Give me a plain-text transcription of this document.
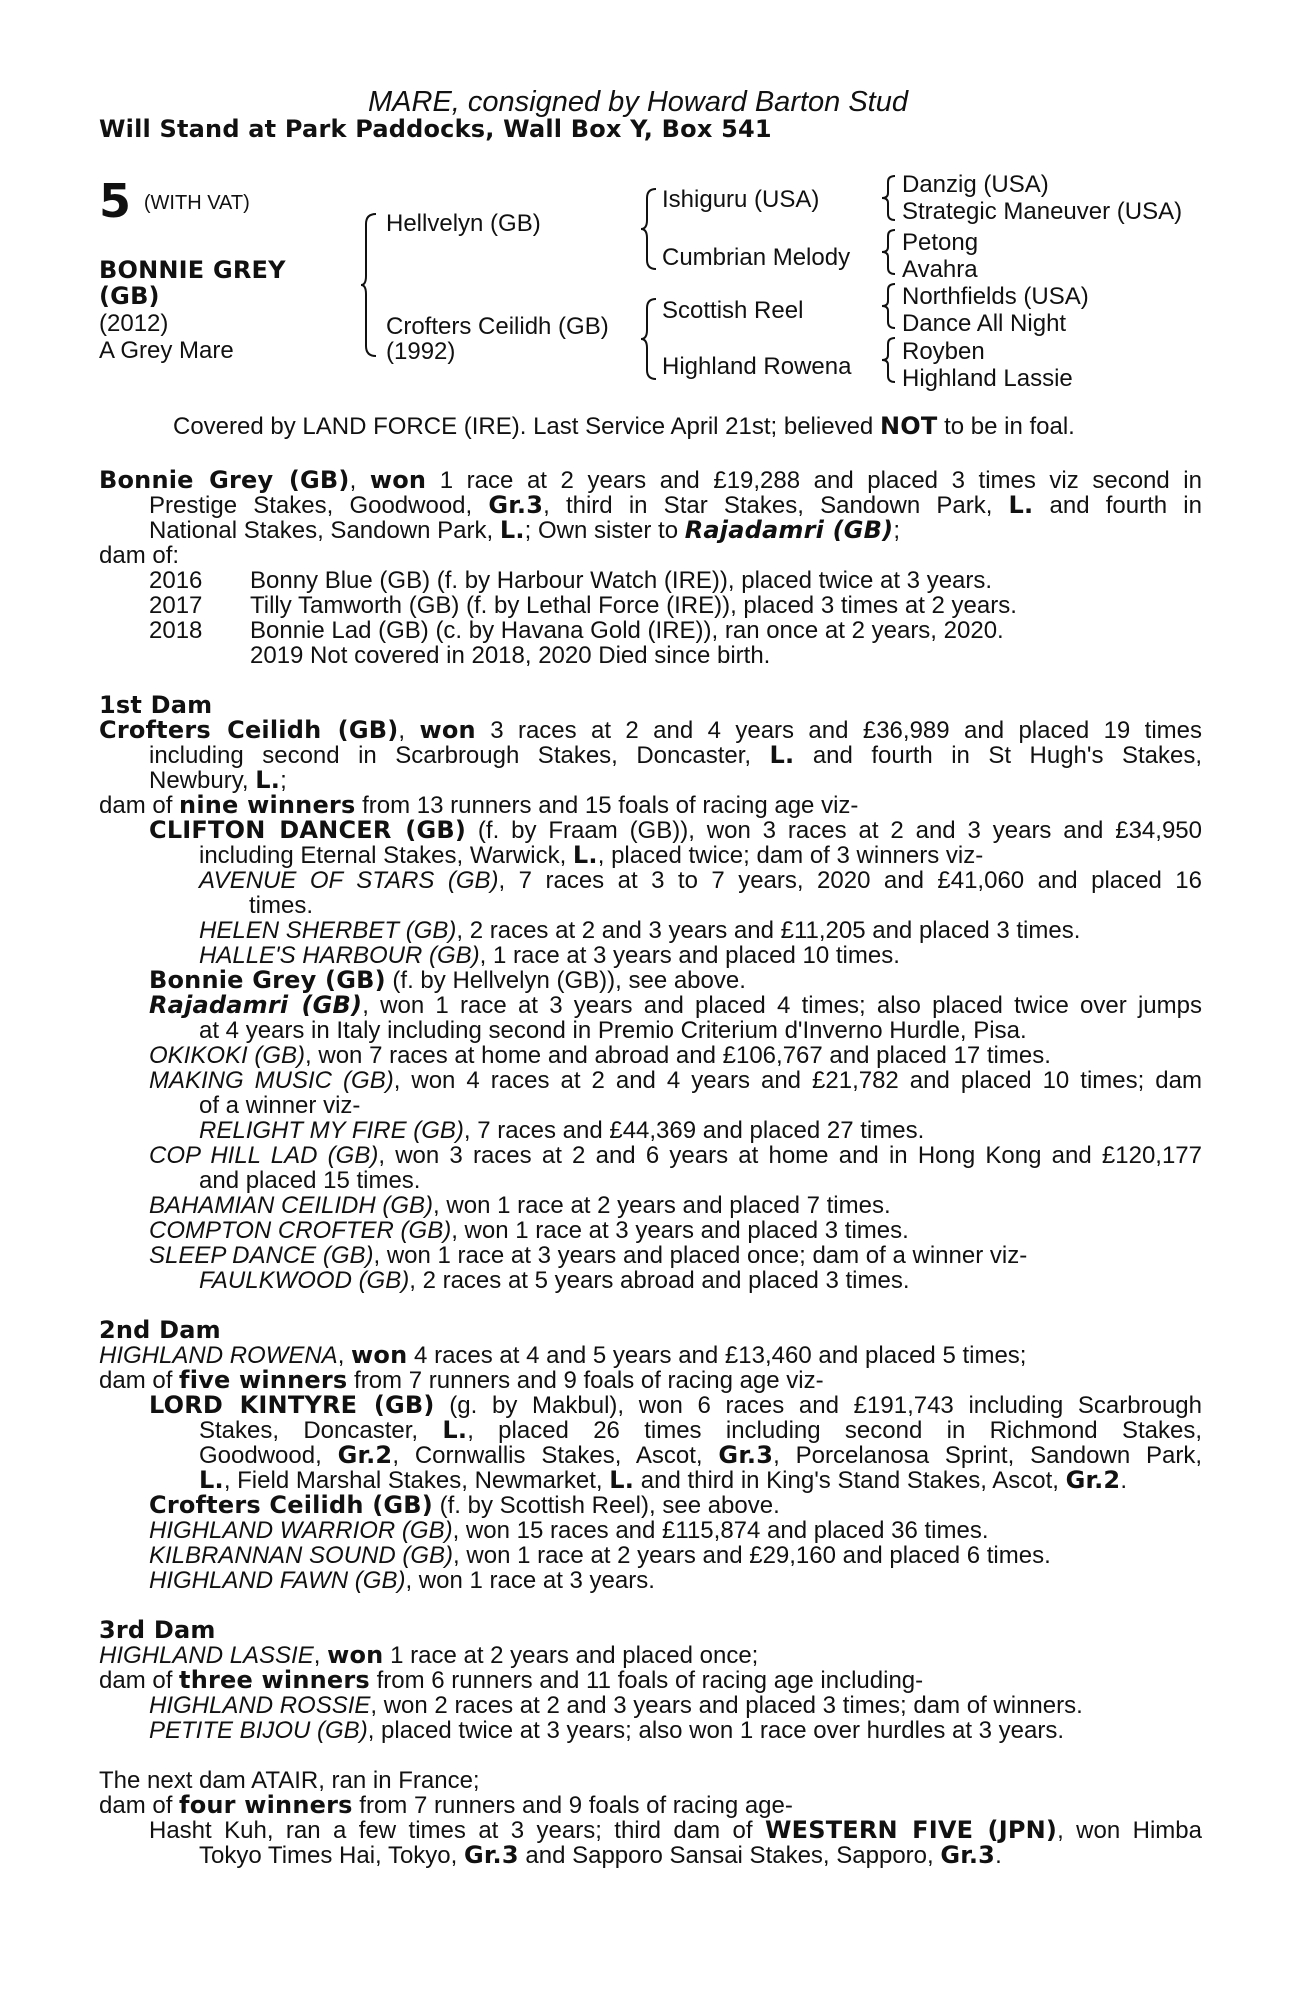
MARE, consigned by Howard Barton Stud
Will Stand at Park Paddocks, Wall Box Y, Box 541
5 $^{(WITH VAT)}$
BONNIE GREY
(GB)
(2012)
A Grey Mare
Hellvelyn (GB)
Crofters Ceilidh (GB)
(1992)
Ishiguru (USA)
Cumbrian Melody
Scottish Reel
Highland Rowena
Danzig (USA)
Strategic Maneuver (USA)
Petong
Avahra
Northfields (USA)
Dance All Night
Royben
Highland Lassie
Covered by LAND FORCE (IRE). Last Service April 21st; believed NOT to be in foal.
Bonnie Grey (GB), won 1 race at 2 years and £19,288 and placed 3 times viz second in
Prestige Stakes, Goodwood, Gr.3, third in Star Stakes, Sandown Park, L. and fourth in
National Stakes, Sandown Park, L.; Own sister to Rajadamri (GB);
dam of:
2016 Bonny Blue (GB) (f. by Harbour Watch (IRE)), placed twice at 3 years.
2017 Tilly Tamworth (GB) (f. by Lethal Force (IRE)), placed 3 times at 2 years.
2018 Bonnie Lad (GB) (c. by Havana Gold (IRE)), ran once at 2 years, 2020.
2019 Not covered in 2018, 2020 Died since birth.
1st Dam
Crofters Ceilidh (GB), won 3 races at 2 and 4 years and £36,989 and placed 19 times
including second in Scarbrough Stakes, Doncaster, L. and fourth in St Hugh's Stakes,
Newbury, L.;
dam of nine winners from 13 runners and 15 foals of racing age viz-
CLIFTON DANCER (GB) (f. by Fraam (GB)), won 3 races at 2 and 3 years and £34,950
including Eternal Stakes, Warwick, L., placed twice; dam of 3 winners viz-
AVENUE OF STARS (GB), 7 races at 3 to 7 years, 2020 and £41,060 and placed 16
times.
HELEN SHERBET (GB), 2 races at 2 and 3 years and £11,205 and placed 3 times.
HALLE'S HARBOUR (GB), 1 race at 3 years and placed 10 times.
Bonnie Grey (GB) (f. by Hellvelyn (GB)), see above.
Rajadamri (GB), won 1 race at 3 years and placed 4 times; also placed twice over jumps
at 4 years in Italy including second in Premio Criterium d'Inverno Hurdle, Pisa.
OKIKOKI (GB), won 7 races at home and abroad and £106,767 and placed 17 times.
MAKING MUSIC (GB), won 4 races at 2 and 4 years and £21,782 and placed 10 times; dam
of a winner viz-
RELIGHT MY FIRE (GB), 7 races and £44,369 and placed 27 times.
COP HILL LAD (GB), won 3 races at 2 and 6 years at home and in Hong Kong and £120,177
and placed 15 times.
BAHAMIAN CEILIDH (GB), won 1 race at 2 years and placed 7 times.
COMPTON CROFTER (GB), won 1 race at 3 years and placed 3 times.
SLEEP DANCE (GB), won 1 race at 3 years and placed once; dam of a winner viz-
FAULKWOOD (GB), 2 races at 5 years abroad and placed 3 times.
2nd Dam
HIGHLAND ROWENA, won 4 races at 4 and 5 years and £13,460 and placed 5 times;
dam of five winners from 7 runners and 9 foals of racing age viz-
LORD KINTYRE (GB) (g. by Makbul), won 6 races and £191,743 including Scarbrough
Stakes, Doncaster, L., placed 26 times including second in Richmond Stakes,
Goodwood, Gr.2, Cornwallis Stakes, Ascot, Gr.3, Porcelanosa Sprint, Sandown Park,
L., Field Marshal Stakes, Newmarket, L. and third in King's Stand Stakes, Ascot, Gr.2.
Crofters Ceilidh (GB) (f. by Scottish Reel), see above.
HIGHLAND WARRIOR (GB), won 15 races and £115,874 and placed 36 times.
KILBRANNAN SOUND (GB), won 1 race at 2 years and £29,160 and placed 6 times.
HIGHLAND FAWN (GB), won 1 race at 3 years.
3rd Dam
HIGHLAND LASSIE, won 1 race at 2 years and placed once;
dam of three winners from 6 runners and 11 foals of racing age including-
HIGHLAND ROSSIE, won 2 races at 2 and 3 years and placed 3 times; dam of winners.
PETITE BIJOU (GB), placed twice at 3 years; also won 1 race over hurdles at 3 years.
The next dam ATAIR, ran in France;
dam of four winners from 7 runners and 9 foals of racing age-
Hasht Kuh, ran a few times at 3 years; third dam of WESTERN FIVE (JPN), won Himba
Tokyo Times Hai, Tokyo, Gr.3 and Sapporo Sansai Stakes, Sapporo, Gr.3.
